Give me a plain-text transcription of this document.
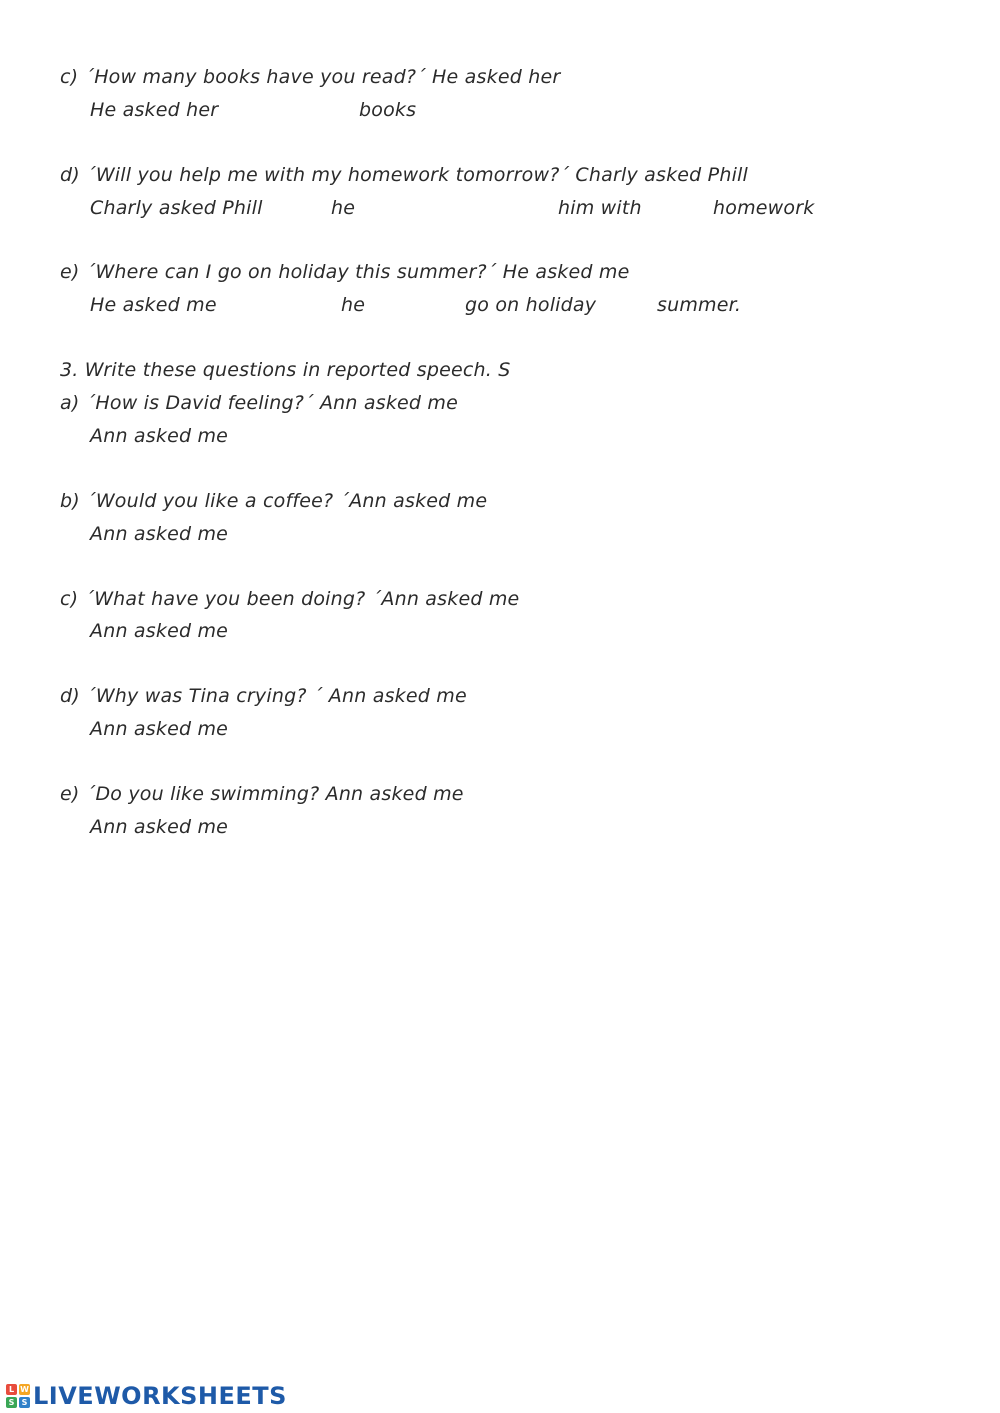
c) ´How many books have you read?´ He asked her
He asked her	books
d) ´Will you help me with my homework tomorrow?´ Charly asked Phill
Charly asked Phill	he	him with	homework
e) ´Where can I go on holiday this summer?´ He asked me
He asked me	he	go on holiday	summer.
3. Write these questions in reported speech. S
a) ´How is David feeling?´ Ann asked me
Ann asked me
b) ´Would you like a coffee? ´Ann asked me
Ann asked me
c) ´What have you been doing? ´Ann asked me
Ann asked me
d) ´Why was Tina crying? ´ Ann asked me
Ann asked me
e) ´Do you like swimming? Ann asked me
Ann asked me
L W
S S LIVEWORKSHEETS
